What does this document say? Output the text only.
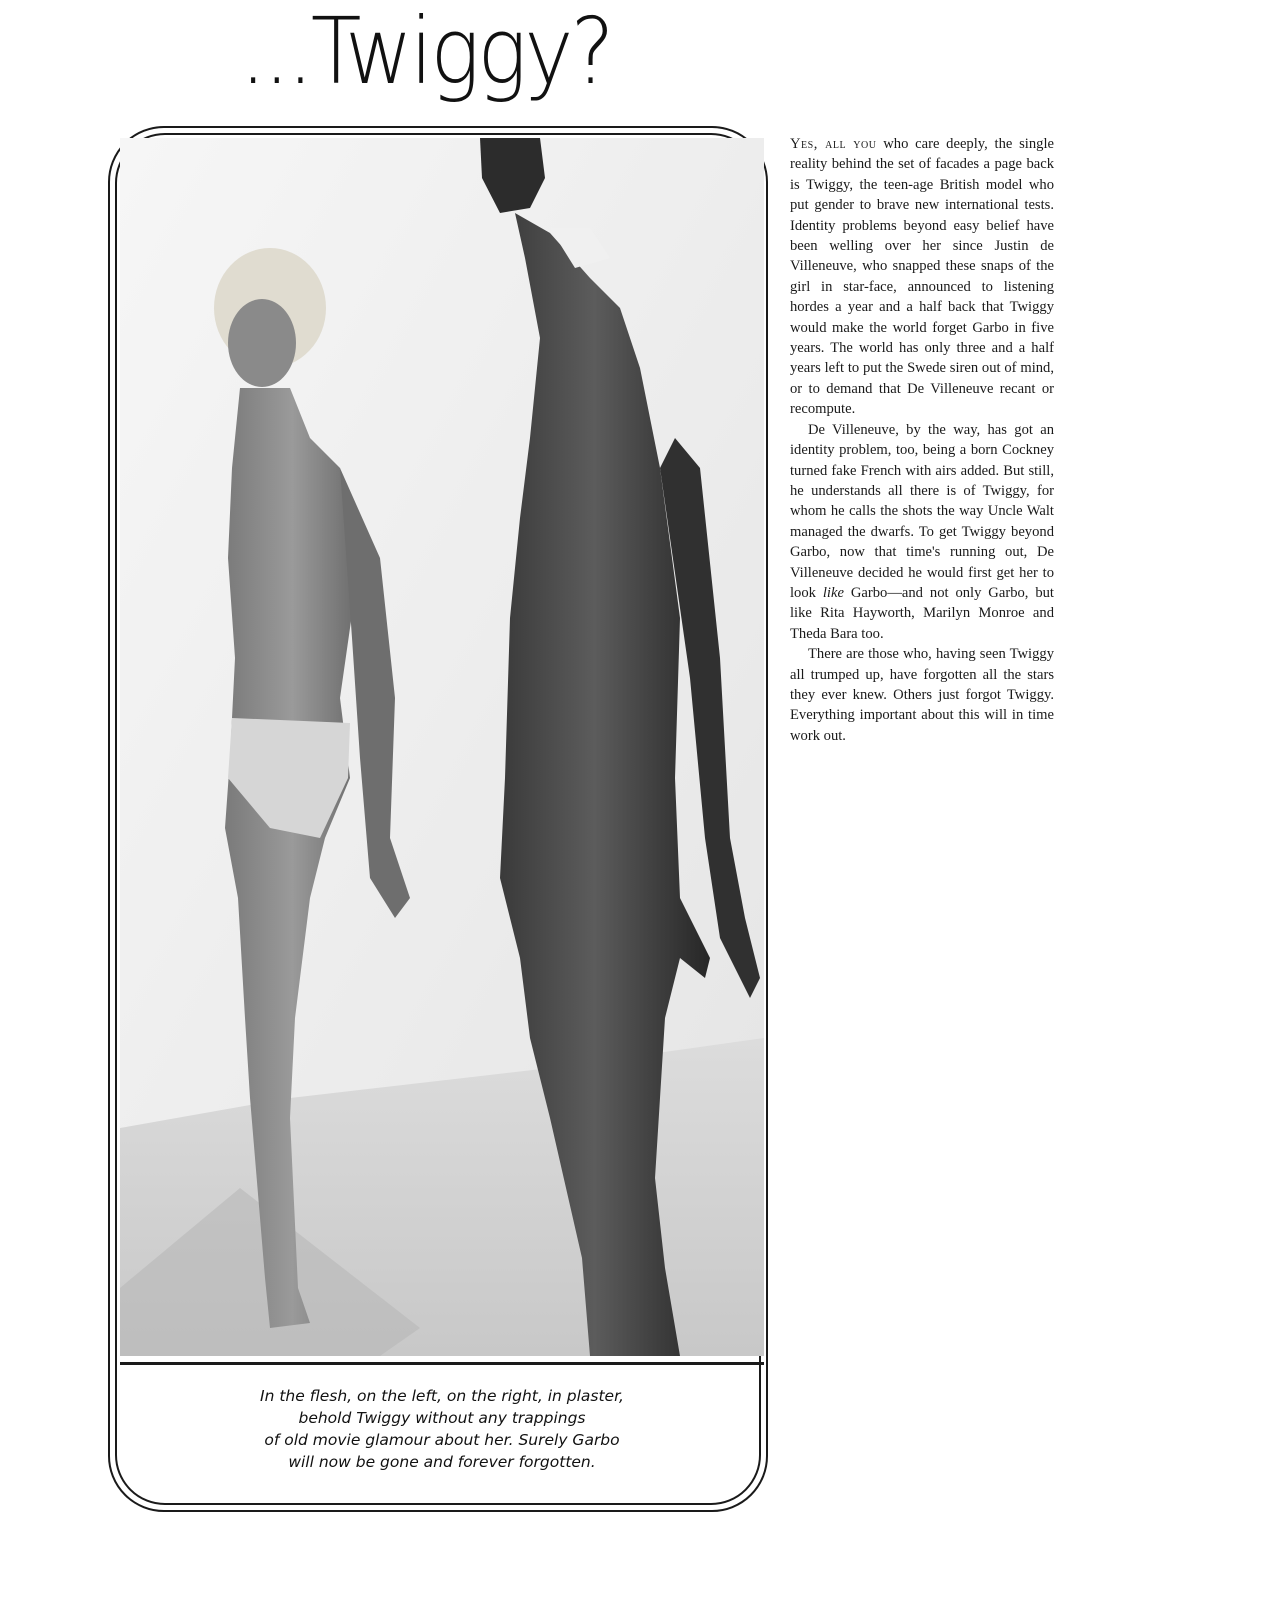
...Twiggy?
In the flesh, on the left, on the right, in plaster,
behold Twiggy without any trappings
of old movie glamour about her. Surely Garbo
will now be gone and forever forgotten.

Yes, all you who care deeply, the single reality behind the set of facades a page back is Twiggy, the teen-age British model who put gender to brave new international tests. Identity problems beyond easy belief have been welling over her since Justin de Villeneuve, who snapped these snaps of the girl in star-face, announced to listening hordes a year and a half back that Twiggy would make the world forget Garbo in five years. The world has only three and a half years left to put the Swede siren out of mind, or to demand that De Villeneuve recant or recompute.

De Villeneuve, by the way, has got an identity problem, too, being a born Cockney turned fake French with airs added. But still, he understands all there is of Twiggy, for whom he calls the shots the way Uncle Walt managed the dwarfs. To get Twiggy beyond Garbo, now that time's running out, De Villeneuve decided he would first get her to look like Garbo—and not only Garbo, but like Rita Hayworth, Marilyn Monroe and Theda Bara too.

There are those who, having seen Twiggy all trumped up, have forgotten all the stars they ever knew. Others just forgot Twiggy. Everything important about this will in time work out.
